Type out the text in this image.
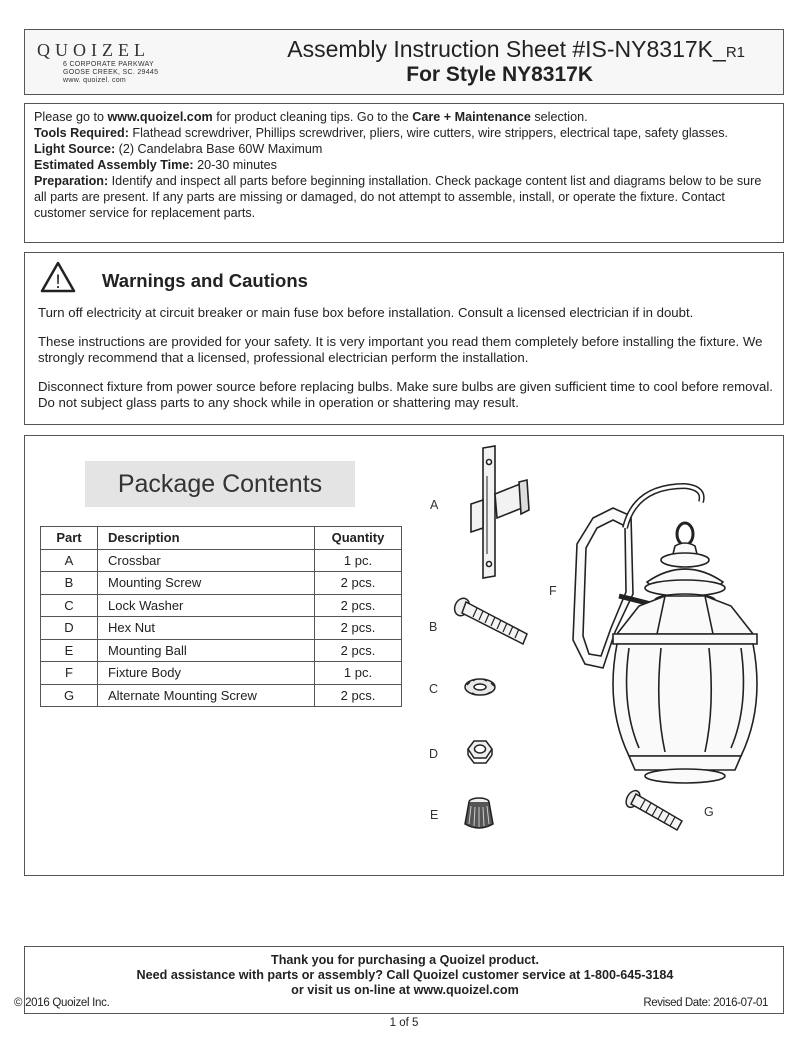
QUOIZEL
6 CORPORATE PARKWAY
GOOSE CREEK, SC. 29445
www. quoizel. com
Assembly Instruction Sheet #IS-NY8317K_R1
For Style NY8317K

Please go to www.quoizel.com for product cleaning tips. Go to the Care + Maintenance selection.

Tools Required: Flathead screwdriver, Phillips screwdriver, pliers, wire cutters, wire strippers, electrical tape, safety glasses.

Light Source: (2) Candelabra Base 60W Maximum

Estimated Assembly Time: 20-30 minutes

Preparation: Identify and inspect all parts before beginning installation. Check package content list and diagrams below to be sure all parts are present. If any parts are missing or damaged, do not attempt to assemble, install, or operate the fixture. Contact customer service for replacement parts.

! Warnings and Cautions

Turn off electricity at circuit breaker or main fuse box before installation. Consult a licensed electrician if in doubt.

These instructions are provided for your safety. It is very important you read them completely before installing the fixture. We strongly recommend that a licensed, professional electrician perform the installation.

Disconnect fixture from power source before replacing bulbs. Make sure bulbs are given sufficient time to cool before removal. Do not subject glass parts to any shock while in operation or shattering may result.

Package Contents
Part	Description	Quantity
A	Crossbar	1 pc.
B	Mounting Screw	2 pcs.
C	Lock Washer	2 pcs.
D	Hex Nut	2 pcs.
E	Mounting Ball	2 pcs.
F	Fixture Body	1 pc.
G	Alternate Mounting Screw	2 pcs.
A
B
C
D
E
F
G
Thank you for purchasing a Quoizel product.
Need assistance with parts or assembly? Call Quoizel customer service at 1-800-645-3184
or visit us on-line at www.quoizel.com
© 2016 Quoizel Inc.	Revised Date: 2016-07-01
1 of 5
